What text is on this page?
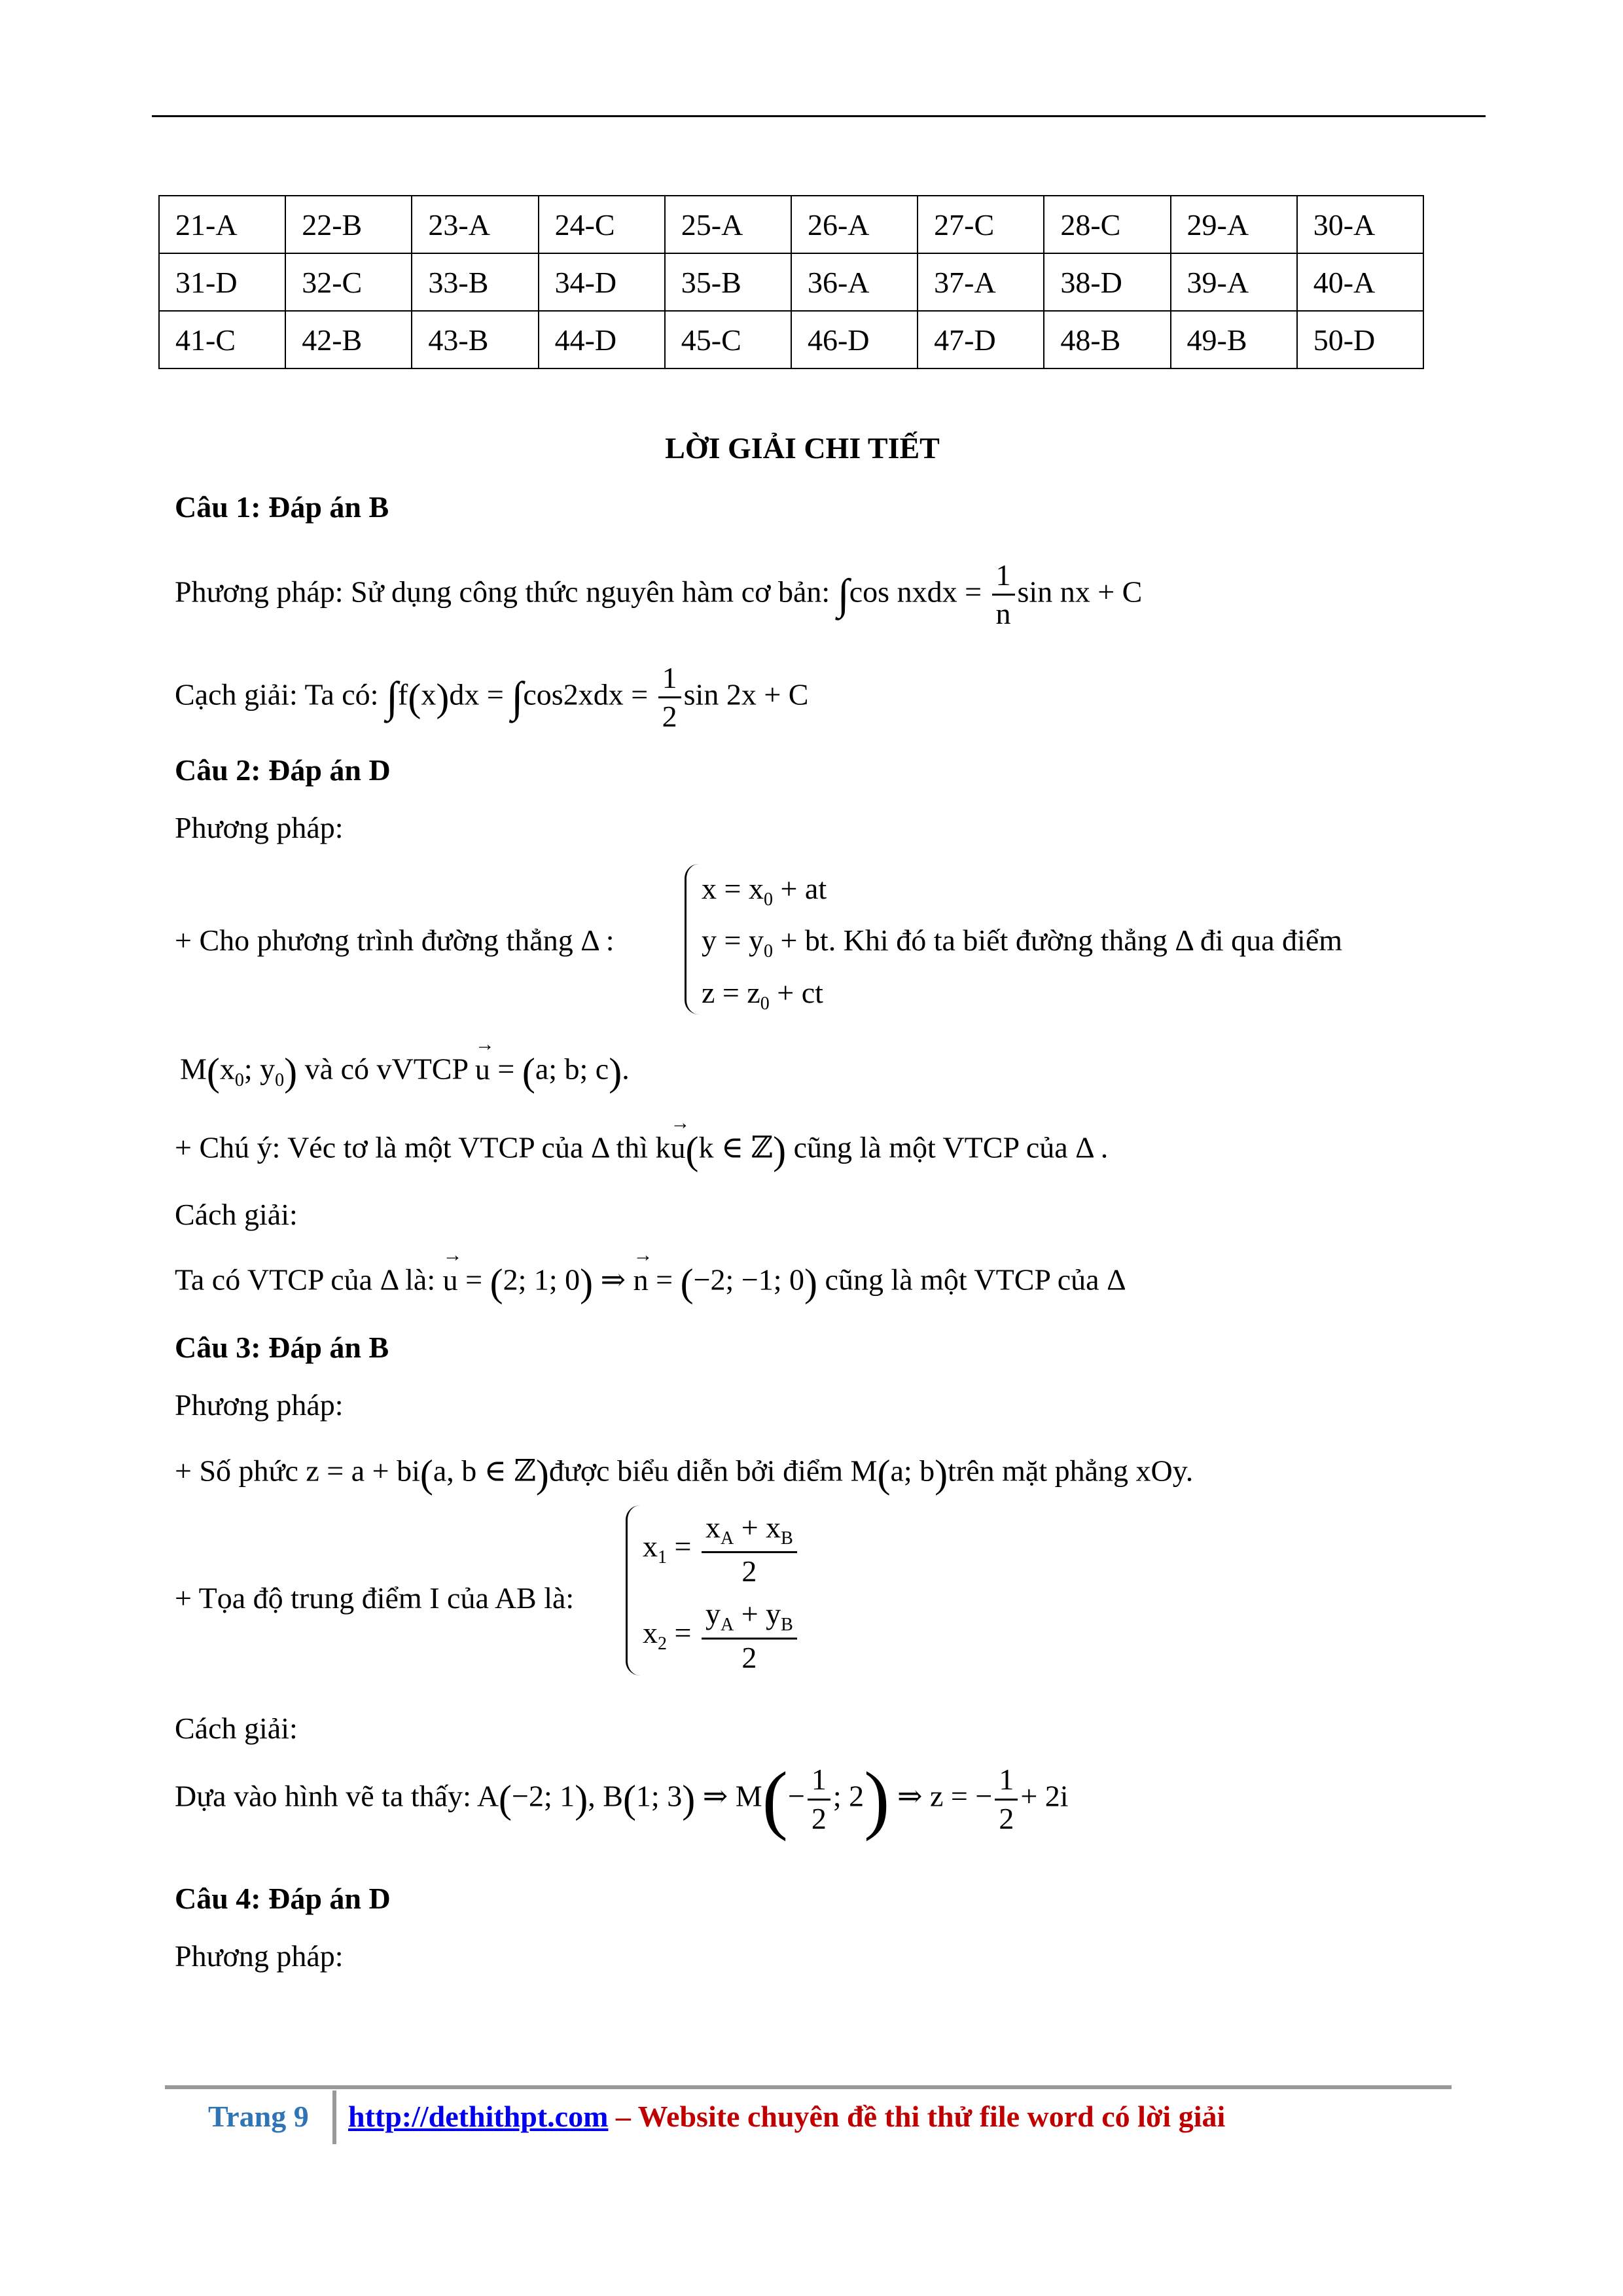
21-A	22-B	23-A	24-C	25-A	26-A	27-C	28-C	29-A	30-A
31-D	32-C	33-B	34-D	35-B	36-A	37-A	38-D	39-A	40-A
41-C	42-B	43-B	44-D	45-C	46-D	47-D	48-B	49-B	50-D
LỜI GIẢI CHI TIẾT
Câu 1: Đáp án B
Phương pháp: Sử dụng công thức nguyên hàm cơ bản: ∫cos nxdx = $\frac{1}{n}$ sin nx + C
Cạch giải: Ta có: $\int f(x)dx = \int\cos 2xdx = \frac{1}{2}$ sin 2x + C
Câu 2: Đáp án D
Phương pháp:
+ Cho phương trình đường thẳng Δ :
$x = x_0$ + at
$y = y_0$ + bt. Khi đó ta biết đường thẳng Δ đi qua điểm
$z = z_0$ + ct
$M(x_0$; $y_0$) và có vVTCP → u = (a; b; c).
+ Chú ý: Véc tơ là một VTCP của Δ thì k→ u(k ∈ ℤ) cũng là một VTCP của Δ .
Cách giải:
Ta có VTCP của Δ là: → u = (2; 1; 0) ⇒ → n = (−2; −1; 0) cũng là một VTCP của Δ
Câu 3: Đáp án B
Phương pháp:
+ Số phức z = a + bi(a, b ∈ ℤ)được biểu diễn bởi điểm M(a; b)trên mặt phẳng xOy.
+ Tọa độ trung điểm I của AB là:
$x_1 = \frac{x_A + x_B}{2}$
$x_2 = \frac{y_A + y_B}{2}$
Cách giải:
Dựa vào hình vẽ ta thấy: A(−2; 1), B(1; 3) ⇒ $M(- \frac{1}{2}$ ; 2) ⇒ z = − $\frac{1}{2} + 2i$
Câu 4: Đáp án D
Phương pháp:
Trang 9 http://dethithpt.com – Website chuyên đề thi thử file word có lời giải
